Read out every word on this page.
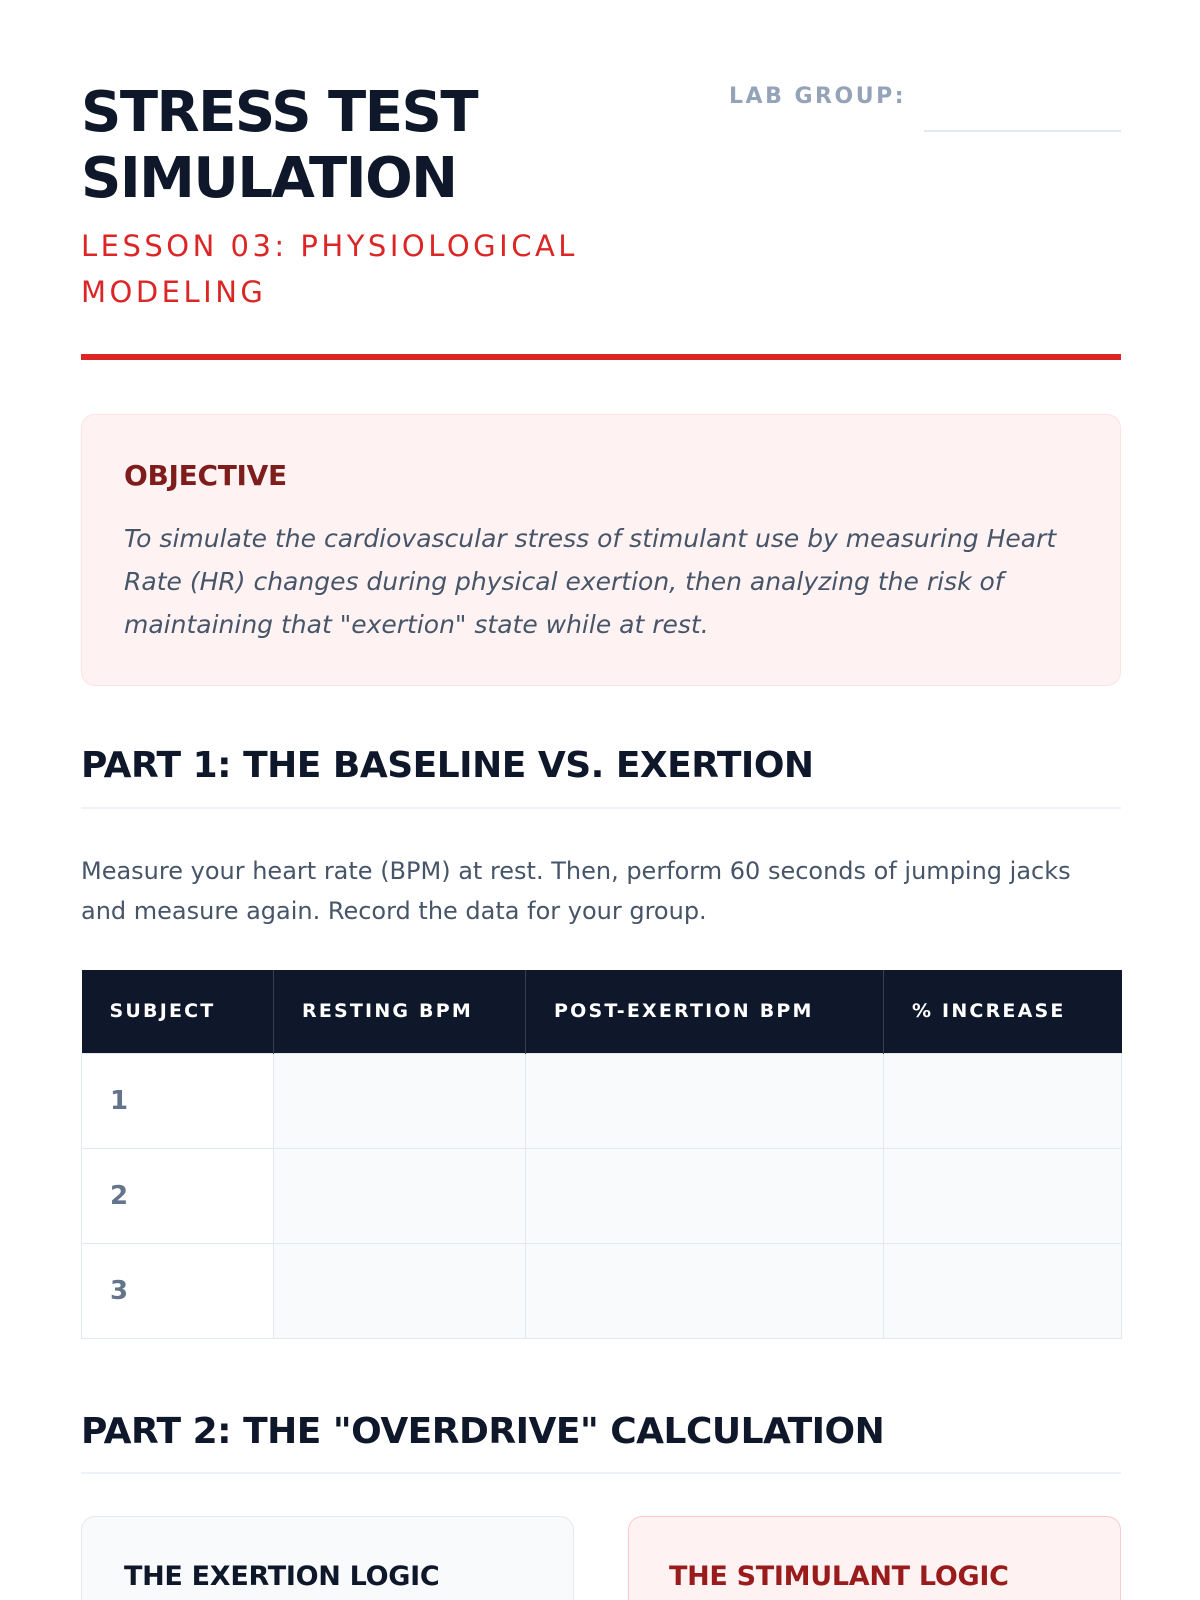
STRESS TEST SIMULATION
LESSON 03: PHYSIOLOGICAL MODELING
LAB GROUP:
OBJECTIVE

To simulate the cardiovascular stress of stimulant use by measuring Heart Rate (HR) changes during physical exertion, then analyzing the risk of maintaining that "exertion" state while at rest.

PART 1: THE BASELINE VS. EXERTION

Measure your heart rate (BPM) at rest. Then, perform 60 seconds of jumping jacks and measure again. Record the data for your group.

SUBJECT	RESTING BPM	POST-EXERTION BPM	% INCREASE
1			
2			
3			
PART 2: THE "OVERDRIVE" CALCULATION
THE EXERTION LOGIC	THE STIMULANT LOGIC
